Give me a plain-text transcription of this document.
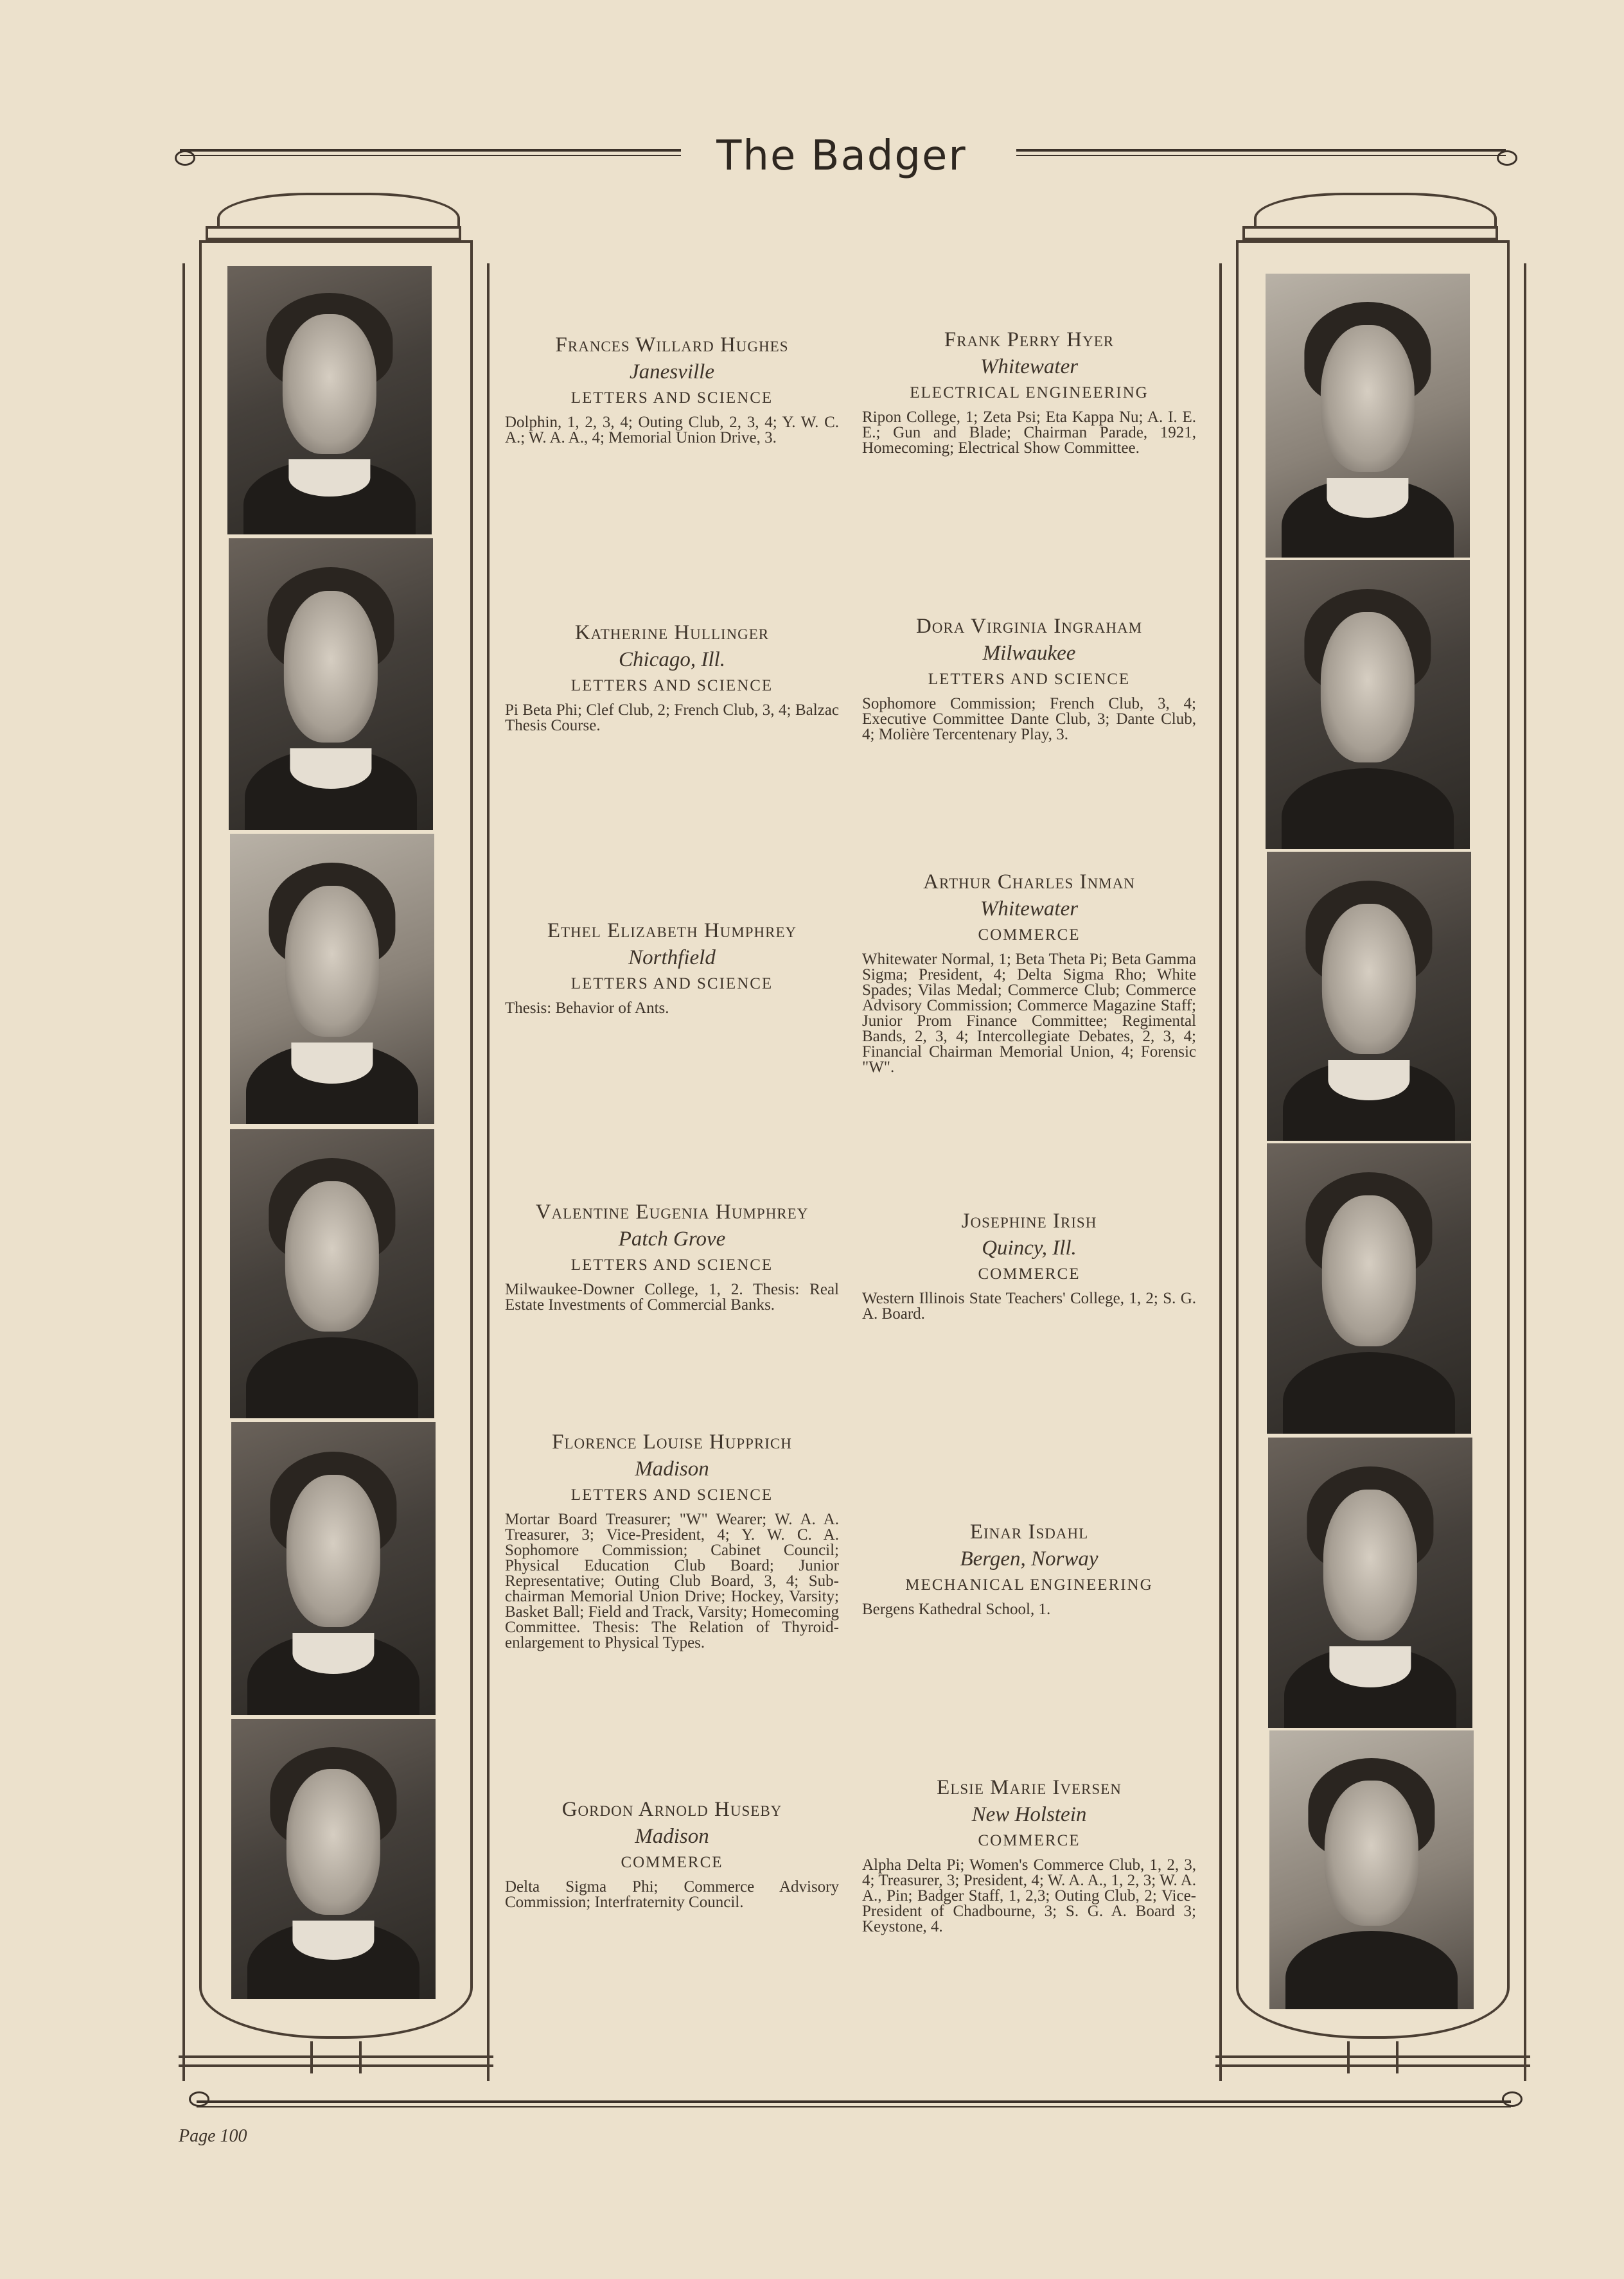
The Badger
Frances Willard Hughes
Janesville
LETTERS AND SCIENCE
Dolphin, 1, 2, 3, 4; Outing Club, 2, 3, 4; Y. W. C. A.; W. A. A., 4; Memorial Union Drive, 3.
Katherine Hullinger
Chicago, Ill.
LETTERS AND SCIENCE
Pi Beta Phi; Clef Club, 2; French Club, 3, 4; Balzac Thesis Course.
Ethel Elizabeth Humphrey
Northfield
LETTERS AND SCIENCE
Thesis: Behavior of Ants.
Valentine Eugenia Humphrey
Patch Grove
LETTERS AND SCIENCE
Milwaukee-Downer College, 1, 2. Thesis: Real Estate Investments of Commercial Banks.
Florence Louise Hupprich
Madison
LETTERS AND SCIENCE
Mortar Board Treasurer; "W" Wearer; W. A. A. Treasurer, 3; Vice-President, 4; Y. W. C. A. Sophomore Commission; Cabinet Council; Physical Education Club Board; Junior Representative; Outing Club Board, 3, 4; Sub-chairman Memorial Union Drive; Hockey, Varsity; Basket Ball; Field and Track, Varsity; Homecoming Committee. Thesis: The Relation of Thyroid-enlargement to Physical Types.
Gordon Arnold Huseby
Madison
COMMERCE
Delta Sigma Phi; Commerce Advisory Commission; Interfraternity Council.
Frank Perry Hyer
Whitewater
ELECTRICAL ENGINEERING
Ripon College, 1; Zeta Psi; Eta Kappa Nu; A. I. E. E.; Gun and Blade; Chairman Parade, 1921, Homecoming; Electrical Show Committee.
Dora Virginia Ingraham
Milwaukee
LETTERS AND SCIENCE
Sophomore Commission; French Club, 3, 4; Executive Committee Dante Club, 3; Dante Club, 4; Molière Tercentenary Play, 3.
Arthur Charles Inman
Whitewater
COMMERCE
Whitewater Normal, 1; Beta Theta Pi; Beta Gamma Sigma; President, 4; Delta Sigma Rho; White Spades; Vilas Medal; Commerce Club; Commerce Advisory Commission; Commerce Magazine Staff; Junior Prom Finance Committee; Regimental Bands, 2, 3, 4; Intercollegiate Debates, 2, 3, 4; Financial Chairman Memorial Union, 4; Forensic "W".
Josephine Irish
Quincy, Ill.
COMMERCE
Western Illinois State Teachers' College, 1, 2; S. G. A. Board.
Einar Isdahl
Bergen, Norway
MECHANICAL ENGINEERING
Bergens Kathedral School, 1.
Elsie Marie Iversen
New Holstein
COMMERCE
Alpha Delta Pi; Women's Commerce Club, 1, 2, 3, 4; Treasurer, 3; President, 4; W. A. A., 1, 2, 3; W. A. A., Pin; Badger Staff, 1, 2,3; Outing Club, 2; Vice-President of Chadbourne, 3; S. G. A. Board 3; Keystone, 4.
Page 100
